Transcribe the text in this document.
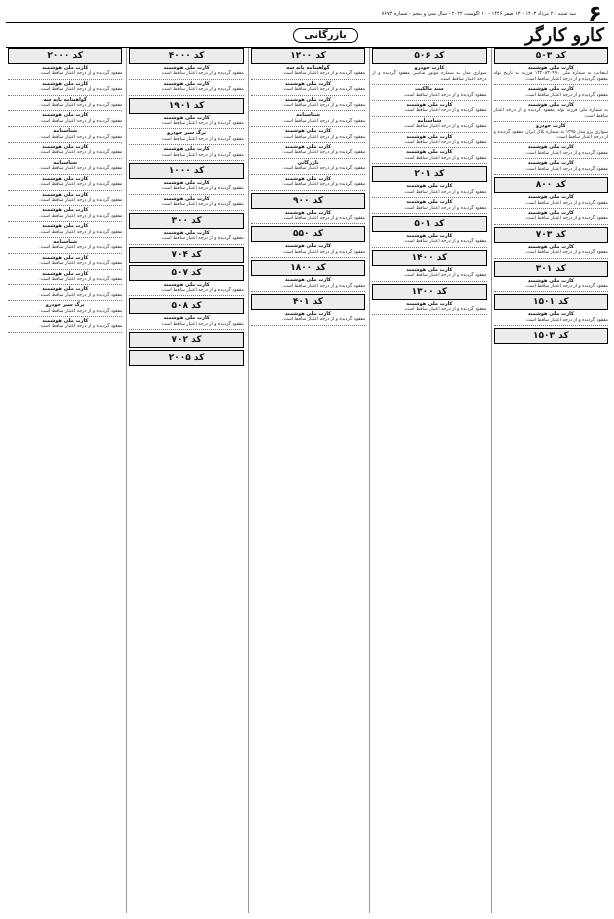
۶
سه شنبه ۲۰ مرداد ۱۴۰۳ - ۱۳ صفر ۱۴۴۶ - ۱۰ آگوست ۲۰۲۴ - سال سی و پنجم - شماره ۷۶۷۴
کارو کارگر
بازرگانی
کد ۵۰۳
کارت ملی هوشمند
اینجانب به شماره ملی ۱۳۲۰۸۳۰۹۹۰ فرزند به تاریخ تولد مفقود گردیده و از درجه اعتبار ساقط است.
کارت ملی هوشمند
مفقود گردیده و از درجه اعتبار ساقط است.
کارت ملی هوشمند
به شماره ملی فرزند تولد مفقود گردیده و از درجه اعتبار ساقط است.
کارت خودرو
سواری پژو مدل ۱۳۹۵ به شماره پلاک ایران مفقود گردیده و از درجه اعتبار ساقط است.
کارت ملی هوشمند
مفقود گردیده و از درجه اعتبار ساقط است.
کارت ملی هوشمند
مفقود گردیده و از درجه اعتبار ساقط است.
کد ۸۰۰
کارت ملی هوشمند
مفقود گردیده و از درجه اعتبار ساقط است.
کارت ملی هوشمند
مفقود گردیده و از درجه اعتبار ساقط است.
کد ۷۰۳
کارت ملی هوشمند
مفقود گردیده و از درجه اعتبار ساقط است.
کد ۳۰۱
کارت ملی هوشمند
مفقود گردیده و از درجه اعتبار ساقط است.
کد ۱۵۰۱
کارت ملی هوشمند
مفقود گردیده و از درجه اعتبار ساقط است.
کد ۱۵۰۳
کد ۵۰۶
کارت خودرو
سواری مدل به شماره موتور شاسی مفقود گردیده و از درجه اعتبار ساقط است.
سند مالکیت
مفقود گردیده و از درجه اعتبار ساقط است.
کارت ملی هوشمند
مفقود گردیده و از درجه اعتبار ساقط است.
شناسنامه
مفقود گردیده و از درجه اعتبار ساقط است.
کارت ملی هوشمند
مفقود گردیده و از درجه اعتبار ساقط است.
کارت ملی هوشمند
مفقود گردیده و از درجه اعتبار ساقط است.
کد ۲۰۱
کارت ملی هوشمند
مفقود گردیده و از درجه اعتبار ساقط است.
کارت ملی هوشمند
مفقود گردیده و از درجه اعتبار ساقط است.
کد ۵۰۱
کارت ملی هوشمند
مفقود گردیده و از درجه اعتبار ساقط است.
کد ۱۴۰۰
کارت ملی هوشمند
مفقود گردیده و از درجه اعتبار ساقط است.
کد ۱۳۰۰
کارت ملی هوشمند
مفقود گردیده و از درجه اعتبار ساقط است.
کد ۱۲۰۰
گواهینامه پایه سه
مفقود گردیده و از درجه اعتبار ساقط است.
کارت ملی هوشمند
مفقود گردیده و از درجه اعتبار ساقط است.
کارت ملی هوشمند
مفقود گردیده و از درجه اعتبار ساقط است.
شناسنامه
مفقود گردیده و از درجه اعتبار ساقط است.
کارت ملی هوشمند
مفقود گردیده و از درجه اعتبار ساقط است.
کارت ملی هوشمند
مفقود گردیده و از درجه اعتبار ساقط است.
بازرگانی
مفقود گردیده و از درجه اعتبار ساقط است.
کارت ملی هوشمند
مفقود گردیده و از درجه اعتبار ساقط است.
کد ۹۰۰
کارت ملی هوشمند
مفقود گردیده و از درجه اعتبار ساقط است.
کد ۵۵۰
کارت ملی هوشمند
مفقود گردیده و از درجه اعتبار ساقط است.
کد ۱۸۰۰
کارت ملی هوشمند
مفقود گردیده و از درجه اعتبار ساقط است.
کد ۴۰۱
کارت ملی هوشمند
مفقود گردیده و از درجه اعتبار ساقط است.
کد ۴۰۰۰
کارت ملی هوشمند
مفقود گردیده و از درجه اعتبار ساقط است.
کارت ملی هوشمند
مفقود گردیده و از درجه اعتبار ساقط است.
کد ۱۹۰۱
کارت ملی هوشمند
مفقود گردیده و از درجه اعتبار ساقط است.
برگ سبز خودرو
مفقود گردیده و از درجه اعتبار ساقط است.
کارت ملی هوشمند
مفقود گردیده و از درجه اعتبار ساقط است.
کد ۱۰۰۰
کارت ملی هوشمند
مفقود گردیده و از درجه اعتبار ساقط است.
کارت ملی هوشمند
مفقود گردیده و از درجه اعتبار ساقط است.
کد ۳۰۰
کارت ملی هوشمند
مفقود گردیده و از درجه اعتبار ساقط است.
کد ۷۰۴
کد ۵۰۷
کارت ملی هوشمند
مفقود گردیده و از درجه اعتبار ساقط است.
کد ۵۰۸
کارت ملی هوشمند
مفقود گردیده و از درجه اعتبار ساقط است.
کد ۷۰۲
کد ۲۰۰۵
کد ۲۰۰۰
کارت ملی هوشمند
مفقود گردیده و از درجه اعتبار ساقط است.
کارت ملی هوشمند
مفقود گردیده و از درجه اعتبار ساقط است.
گواهینامه پایه سه
مفقود گردیده و از درجه اعتبار ساقط است.
کارت ملی هوشمند
مفقود گردیده و از درجه اعتبار ساقط است.
شناسنامه
مفقود گردیده و از درجه اعتبار ساقط است.
کارت ملی هوشمند
مفقود گردیده و از درجه اعتبار ساقط است.
شناسنامه
مفقود گردیده و از درجه اعتبار ساقط است.
کارت ملی هوشمند
مفقود گردیده و از درجه اعتبار ساقط است.
کارت ملی هوشمند
مفقود گردیده و از درجه اعتبار ساقط است.
کارت ملی هوشمند
مفقود گردیده و از درجه اعتبار ساقط است.
کارت ملی هوشمند
مفقود گردیده و از درجه اعتبار ساقط است.
شناسنامه
مفقود گردیده و از درجه اعتبار ساقط است.
کارت ملی هوشمند
مفقود گردیده و از درجه اعتبار ساقط است.
کارت ملی هوشمند
مفقود گردیده و از درجه اعتبار ساقط است.
کارت ملی هوشمند
مفقود گردیده و از درجه اعتبار ساقط است.
برگ سبز خودرو
مفقود گردیده و از درجه اعتبار ساقط است.
کارت ملی هوشمند
مفقود گردیده و از درجه اعتبار ساقط است.
